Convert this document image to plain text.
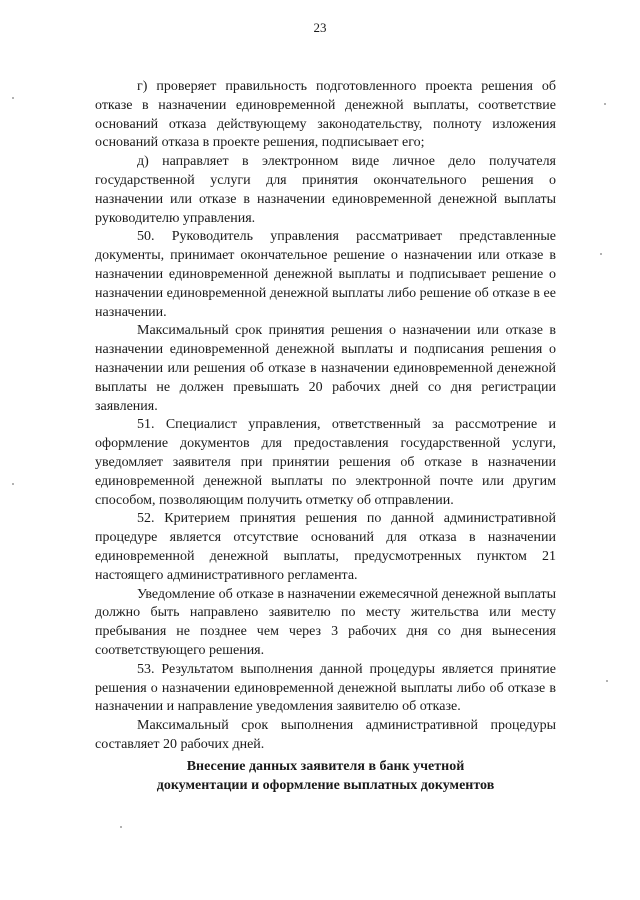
23

г) проверяет правильность подготовленного проекта решения об отказе в назначении единовременной денежной выплаты, соответствие оснований отказа действующему законодательству, полноту изложения оснований отказа в проекте решения, подписывает его;

д) направляет в электронном виде личное дело получателя государственной услуги для принятия окончательного решения о назначении или отказе в назначении единовременной денежной выплаты руководителю управления.

50. Руководитель управления рассматривает представленные документы, принимает окончательное решение о назначении или отказе в назначении единовременной денежной выплаты и подписывает решение о назначении единовременной денежной выплаты либо решение об отказе в ее назначении.

Максимальный срок принятия решения о назначении или отказе в назначении единовременной денежной выплаты и подписания решения о назначении или решения об отказе в назначении единовременной денежной выплаты не должен превышать 20 рабочих дней со дня регистрации заявления.

51. Специалист управления, ответственный за рассмотрение и оформление документов для предоставления государственной услуги, уведомляет заявителя при принятии решения об отказе в назначении единовременной денежной выплаты по электронной почте или другим способом, позволяющим получить отметку об отправлении.

52. Критерием принятия решения по данной административной процедуре является отсутствие оснований для отказа в назначении единовременной денежной выплаты, предусмотренных пунктом 21 настоящего административного регламента.

Уведомление об отказе в назначении ежемесячной денежной выплаты должно быть направлено заявителю по месту жительства или месту пребывания не позднее чем через 3 рабочих дня со дня вынесения соответствующего решения.

53. Результатом выполнения данной процедуры является принятие решения о назначении единовременной денежной выплаты либо об отказе в назначении и направление уведомления заявителю об отказе.

Максимальный срок выполнения административной процедуры составляет 20 рабочих дней.

Внесение данных заявителя в банк учетной
документации и оформление выплатных документов
